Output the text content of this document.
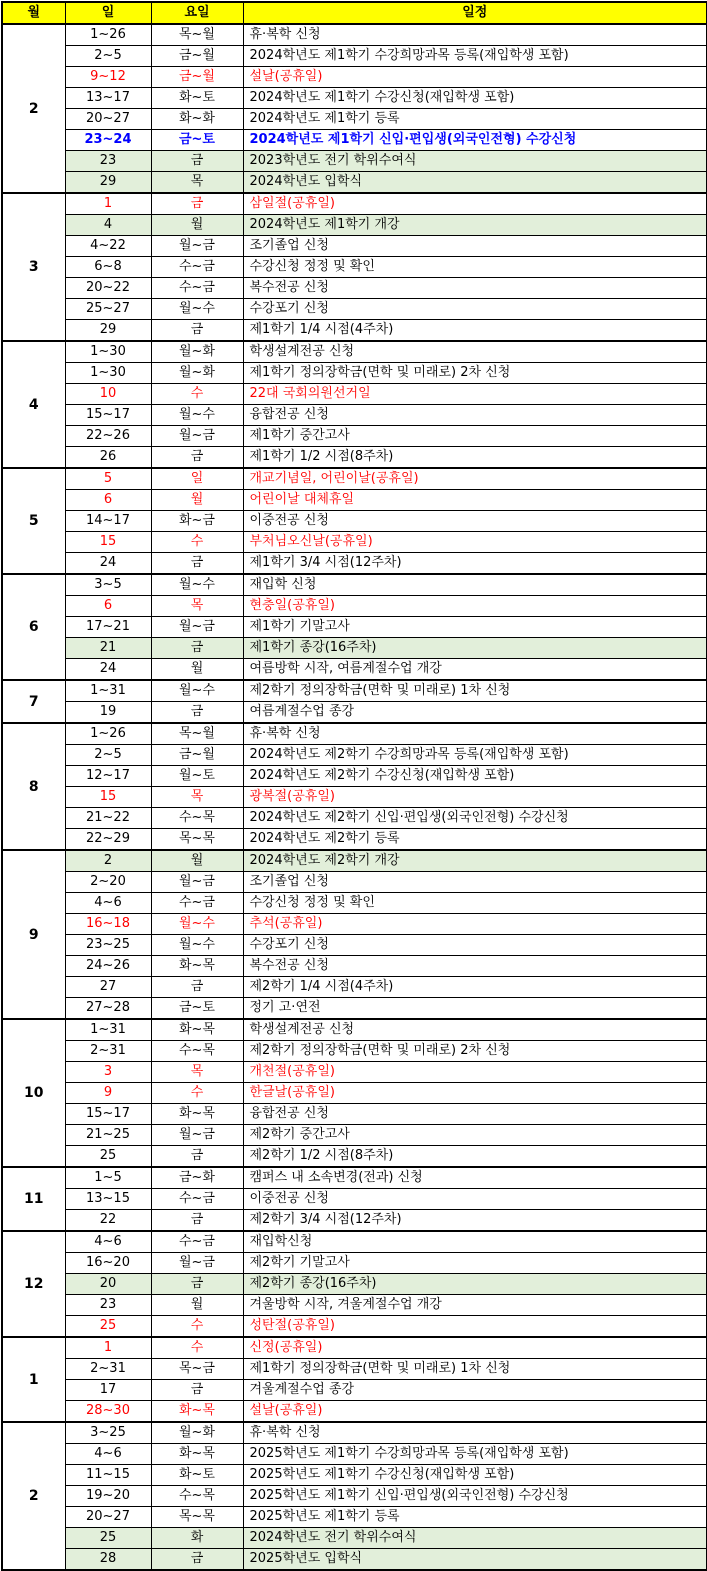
월	일	요일	일정
2	1~26	목~월	휴·복학 신청
	2~5	금~월	2024학년도 제1학기 수강희망과목 등록(재입학생 포함)
	9~12	금~월	설날(공휴일)
	13~17	화~토	2024학년도 제1학기 수강신청(재입학생 포함)
	20~27	화~화	2024학년도 제1학기 등록
	23~24	금~토	2024학년도 제1학기 신입·편입생(외국인전형) 수강신청
	23	금	2023학년도 전기 학위수여식
	29	목	2024학년도 입학식
3	1	금	삼일절(공휴일)
	4	월	2024학년도 제1학기 개강
	4~22	월~금	조기졸업 신청
	6~8	수~금	수강신청 정정 및 확인
	20~22	수~금	복수전공 신청
	25~27	월~수	수강포기 신청
	29	금	제1학기 1/4 시점(4주차)
4	1~30	월~화	학생설계전공 신청
	1~30	월~화	제1학기 정의장학금(면학 및 미래로) 2차 신청
	10	수	22대 국회의원선거일
	15~17	월~수	융합전공 신청
	22~26	월~금	제1학기 중간고사
	26	금	제1학기 1/2 시점(8주차)
5	5	일	개교기념일, 어린이날(공휴일)
	6	월	어린이날 대체휴일
	14~17	화~금	이중전공 신청
	15	수	부처님오신날(공휴일)
	24	금	제1학기 3/4 시점(12주차)
6	3~5	월~수	재입학 신청
	6	목	현충일(공휴일)
	17~21	월~금	제1학기 기말고사
	21	금	제1학기 종강(16주차)
	24	월	여름방학 시작, 여름계절수업 개강
7	1~31	월~수	제2학기 정의장학금(면학 및 미래로) 1차 신청
	19	금	여름계절수업 종강
8	1~26	목~월	휴·복학 신청
	2~5	금~월	2024학년도 제2학기 수강희망과목 등록(재입학생 포함)
	12~17	월~토	2024학년도 제2학기 수강신청(재입학생 포함)
	15	목	광복절(공휴일)
	21~22	수~목	2024학년도 제2학기 신입·편입생(외국인전형) 수강신청
	22~29	목~목	2024학년도 제2학기 등록
9	2	월	2024학년도 제2학기 개강
	2~20	월~금	조기졸업 신청
	4~6	수~금	수강신청 정정 및 확인
	16~18	월~수	추석(공휴일)
	23~25	월~수	수강포기 신청
	24~26	화~목	복수전공 신청
	27	금	제2학기 1/4 시점(4주차)
	27~28	금~토	정기 고·연전
10	1~31	화~목	학생설계전공 신청
	2~31	수~목	제2학기 정의장학금(면학 및 미래로) 2차 신청
	3	목	개천절(공휴일)
	9	수	한글날(공휴일)
	15~17	화~목	융합전공 신청
	21~25	월~금	제2학기 중간고사
	25	금	제2학기 1/2 시점(8주차)
11	1~5	금~화	캠퍼스 내 소속변경(전과) 신청
	13~15	수~금	이중전공 신청
	22	금	제2학기 3/4 시점(12주차)
12	4~6	수~금	재입학신청
	16~20	월~금	제2학기 기말고사
	20	금	제2학기 종강(16주차)
	23	월	겨울방학 시작, 겨울계절수업 개강
	25	수	성탄절(공휴일)
1	1	수	신정(공휴일)
	2~31	목~금	제1학기 정의장학금(면학 및 미래로) 1차 신청
	17	금	겨울계절수업 종강
	28~30	화~목	설날(공휴일)
2	3~25	월~화	휴·복학 신청
	4~6	화~목	2025학년도 제1학기 수강희망과목 등록(재입학생 포함)
	11~15	화~토	2025학년도 제1학기 수강신청(재입학생 포함)
	19~20	수~목	2025학년도 제1학기 신입·편입생(외국인전형) 수강신청
	20~27	목~목	2025학년도 제1학기 등록
	25	화	2024학년도 전기 학위수여식
	28	금	2025학년도 입학식
